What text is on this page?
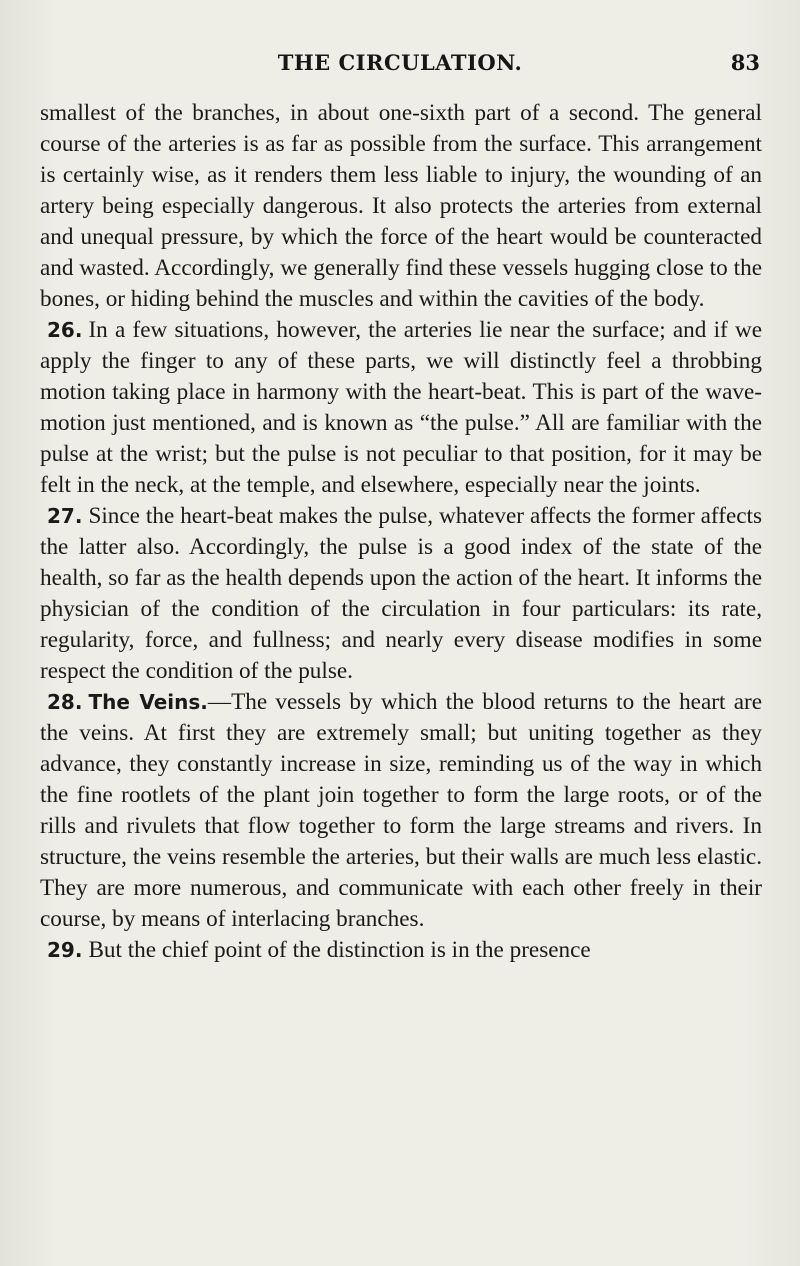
THE CIRCULATION.	83

smallest of the branches, in about one-sixth part of a second. The general course of the arteries is as far as possible from the surface. This arrangement is certainly wise, as it renders them less liable to injury, the wounding of an artery being especially dangerous. It also protects the arteries from external and unequal pressure, by which the force of the heart would be counteracted and wasted. Accordingly, we generally find these vessels hugging close to the bones, or hiding behind the muscles and within the cavities of the body.

26. In a few situations, however, the arteries lie near the surface; and if we apply the finger to any of these parts, we will distinctly feel a throbbing motion taking place in harmony with the heart-beat. This is part of the wave-motion just mentioned, and is known as “the pulse.” All are familiar with the pulse at the wrist; but the pulse is not peculiar to that position, for it may be felt in the neck, at the temple, and elsewhere, especially near the joints.

27. Since the heart-beat makes the pulse, whatever affects the former affects the latter also. Accordingly, the pulse is a good index of the state of the health, so far as the health depends upon the action of the heart. It informs the physician of the condition of the circulation in four particulars: its rate, regularity, force, and fullness; and nearly every disease modifies in some respect the condition of the pulse.

28. The Veins.—The vessels by which the blood returns to the heart are the veins. At first they are extremely small; but uniting together as they advance, they constantly increase in size, reminding us of the way in which the fine rootlets of the plant join together to form the large roots, or of the rills and rivulets that flow together to form the large streams and rivers. In structure, the veins resemble the arteries, but their walls are much less elastic. They are more numerous, and communicate with each other freely in their course, by means of interlacing branches.

29. But the chief point of the distinction is in the presence
